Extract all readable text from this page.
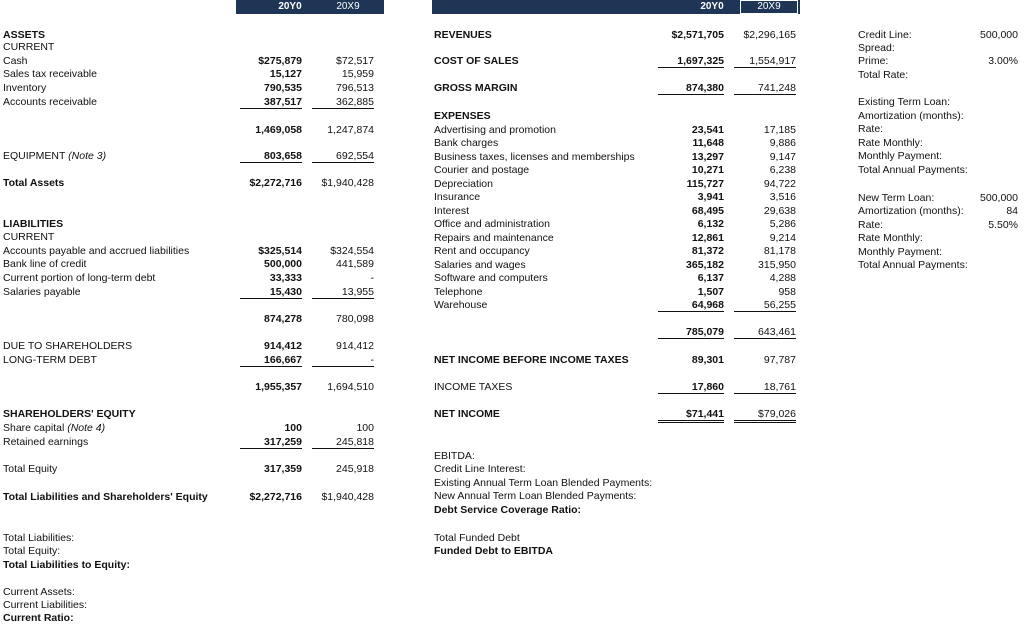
20Y0	20X9	20Y0	20X9
ASSETS
CURRENT
Cash	$275,879	$72,517
Sales tax receivable	15,127	15,959
Inventory	790,535	796,513
Accounts receivable	387,517	362,885
1,469,058	1,247,874
EQUIPMENT (Note 3)	803,658	692,554
Total Assets	$2,272,716	$1,940,428
LIABILITIES
CURRENT
Accounts payable and accrued liabilities	$325,514	$324,554
Bank line of credit	500,000	441,589
Current portion of long-term debt	33,333	-
Salaries payable	15,430	13,955
874,278	780,098
DUE TO SHAREHOLDERS	914,412	914,412
LONG-TERM DEBT	166,667	-
1,955,357	1,694,510
SHAREHOLDERS' EQUITY
Share capital (Note 4)	100	100
Retained earnings	317,259	245,818
Total Equity	317,359	245,918
Total Liabilities and Shareholders' Equity	$2,272,716	$1,940,428
Total Liabilities:
Total Equity:
Total Liabilities to Equity:
Current Assets:
Current Liabilities:
Current Ratio:
REVENUES	$2,571,705	$2,296,165
COST OF SALES	1,697,325	1,554,917
GROSS MARGIN	874,380	741,248
EXPENSES
Advertising and promotion	23,541	17,185
Bank charges	11,648	9,886
Business taxes, licenses and memberships	13,297	9,147
Courier and postage	10,271	6,238
Depreciation	115,727	94,722
Insurance	3,941	3,516
Interest	68,495	29,638
Office and administration	6,132	5,286
Repairs and maintenance	12,861	9,214
Rent and occupancy	81,372	81,178
Salaries and wages	365,182	315,950
Software and computers	6,137	4,288
Telephone	1,507	958
Warehouse	64,968	56,255
785,079	643,461
NET INCOME BEFORE INCOME TAXES	89,301	97,787
INCOME TAXES	17,860	18,761
NET INCOME	$71,441	$79,026
EBITDA:
Credit Line Interest:
Existing Annual Term Loan Blended Payments:
New Annual Term Loan Blended Payments:
Debt Service Coverage Ratio:
Total Funded Debt
Funded Debt to EBITDA
Credit Line:	500,000
Spread:
Prime:	3.00%
Total Rate:
Existing Term Loan:
Amortization (months):
Rate:
Rate Monthly:
Monthly Payment:
Total Annual Payments:
New Term Loan:	500,000
Amortization (months):	84
Rate:	5.50%
Rate Monthly:
Monthly Payment:
Total Annual Payments:
